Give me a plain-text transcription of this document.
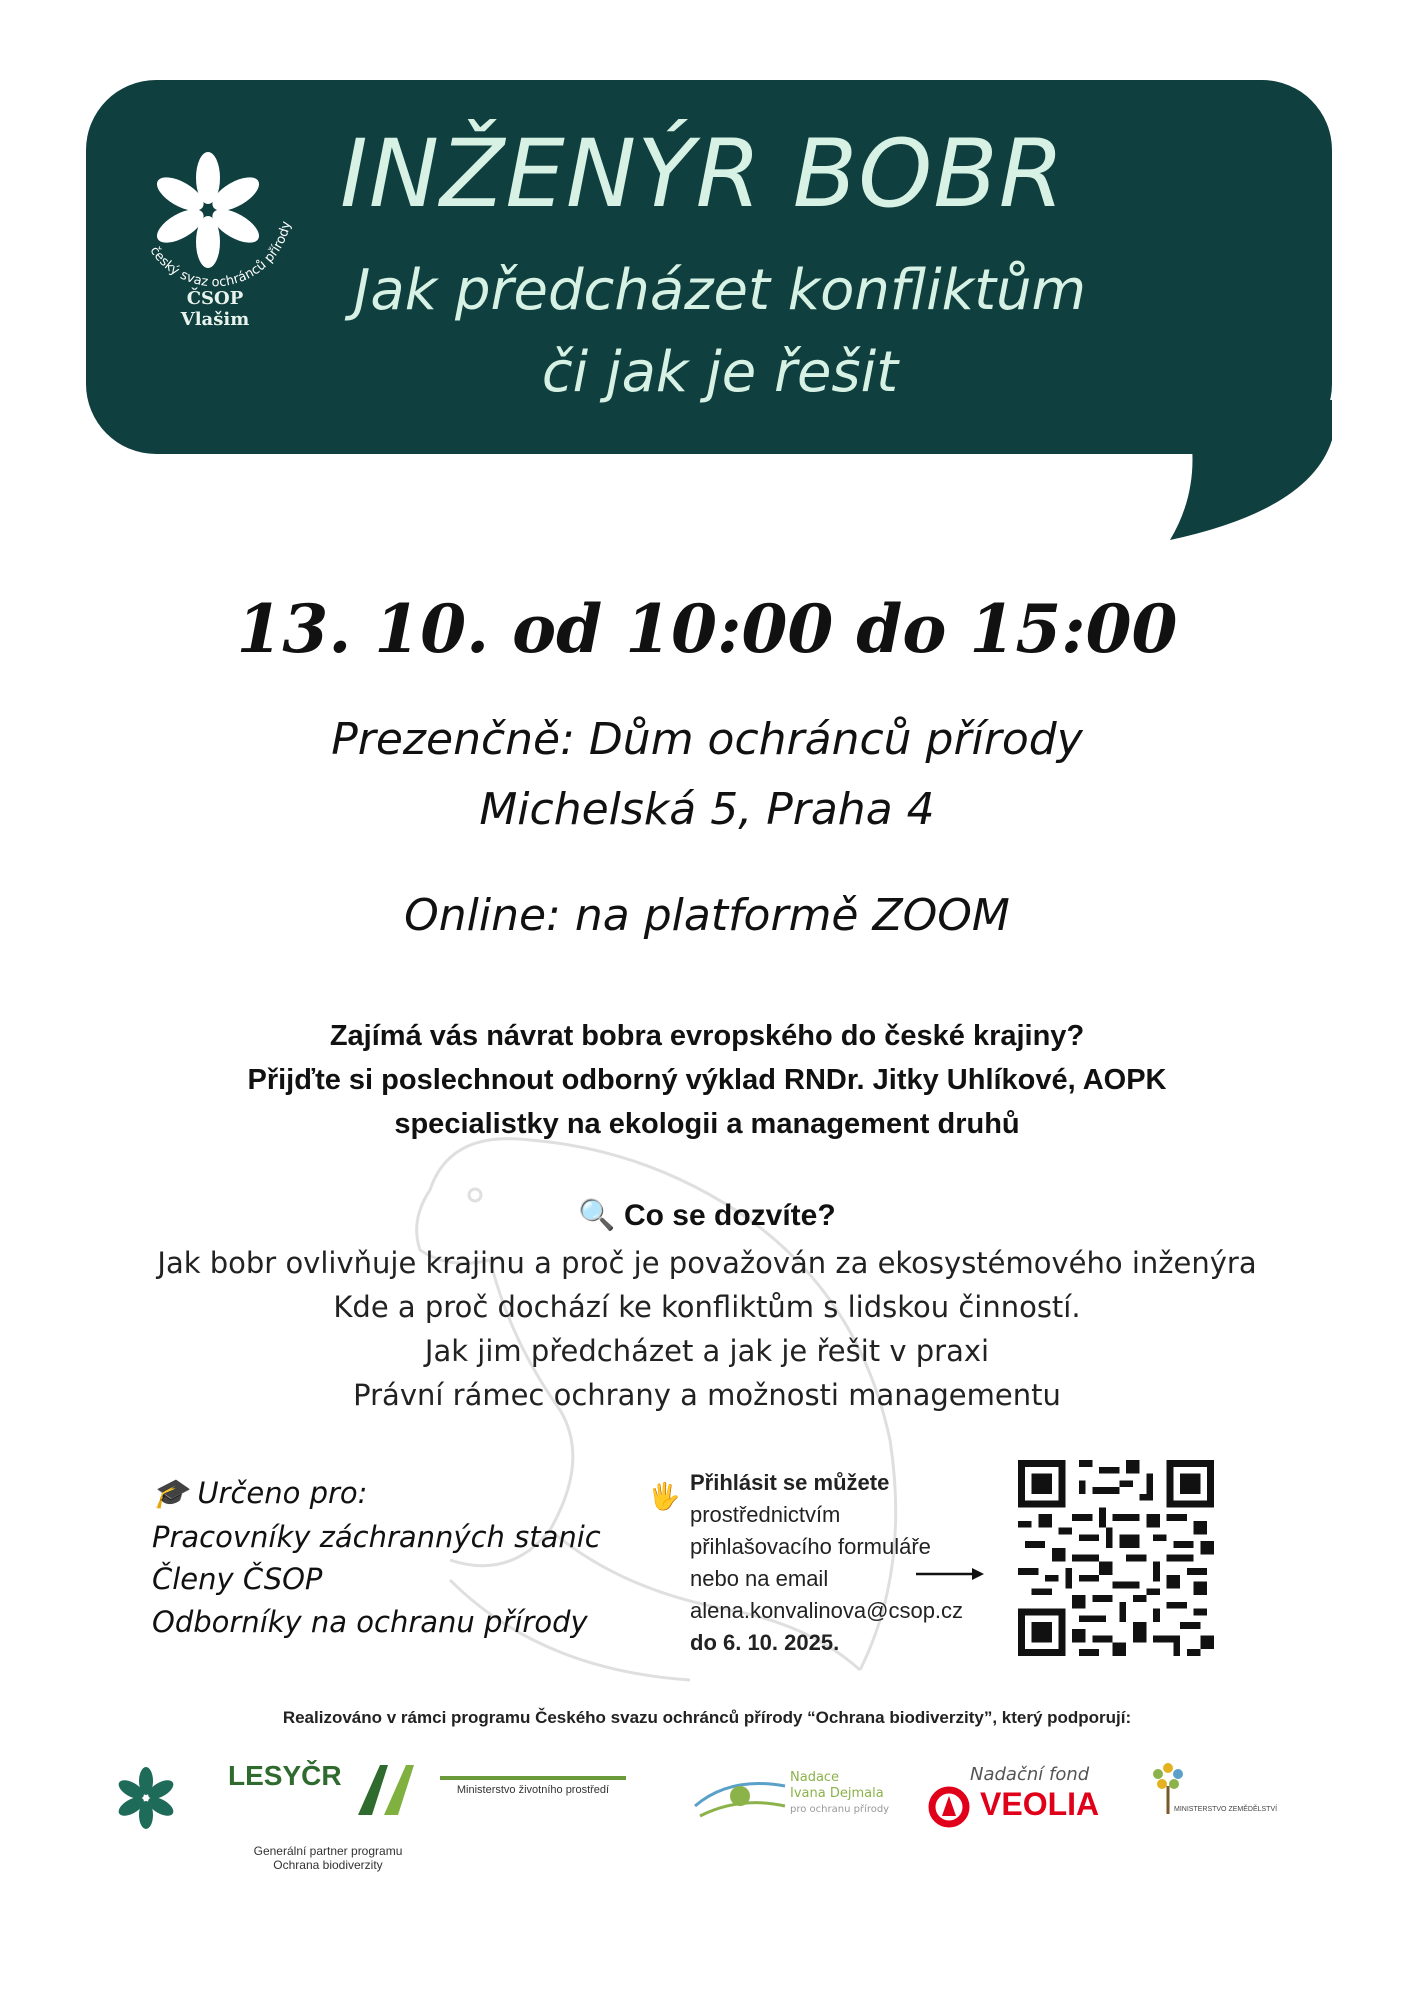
český svaz ochránců přírody
ČSOP Vlašim
INŽENÝR BOBR
Jak předcházet konfliktům
či jak je řešit
13. 10. od 10:00 do 15:00
Prezenčně: Dům ochránců přírody
Michelská 5, Praha 4
Online: na platformě ZOOM
Zajímá vás návrat bobra evropského do české krajiny?
Přijďte si poslechnout odborný výklad RNDr. Jitky Uhlíkové, AOPK
specialistky na ekologii a management druhů
🔍 Co se dozvíte?
Jak bobr ovlivňuje krajinu a proč je považován za ekosystémového inženýra
Kde a proč dochází ke konfliktům s lidskou činností.
Jak jim předcházet a jak je řešit v praxi
Právní rámec ochrany a možnosti managementu
🎓 Určeno pro:
Pracovníky záchranných stanic
Členy ČSOP
Odborníky na ochranu přírody
🖐 Přihlásit se můžete
prostřednictvím
přihlašovacího formuláře
nebo na email
alena.konvalinova@csop.cz
do 6. 10. 2025.
Realizováno v rámci programu Českého svazu ochránců přírody “Ochrana biodiverzity”, který podporují:
LESYČR
Generální partner programu
Ochrana biodiverzity
Ministerstvo životního prostředí
Nadace
Ivana Dejmala
pro ochranu přírody
Nadační fond
VEOLIA	MINISTERSTVO ZEMĚDĚLSTVÍ
